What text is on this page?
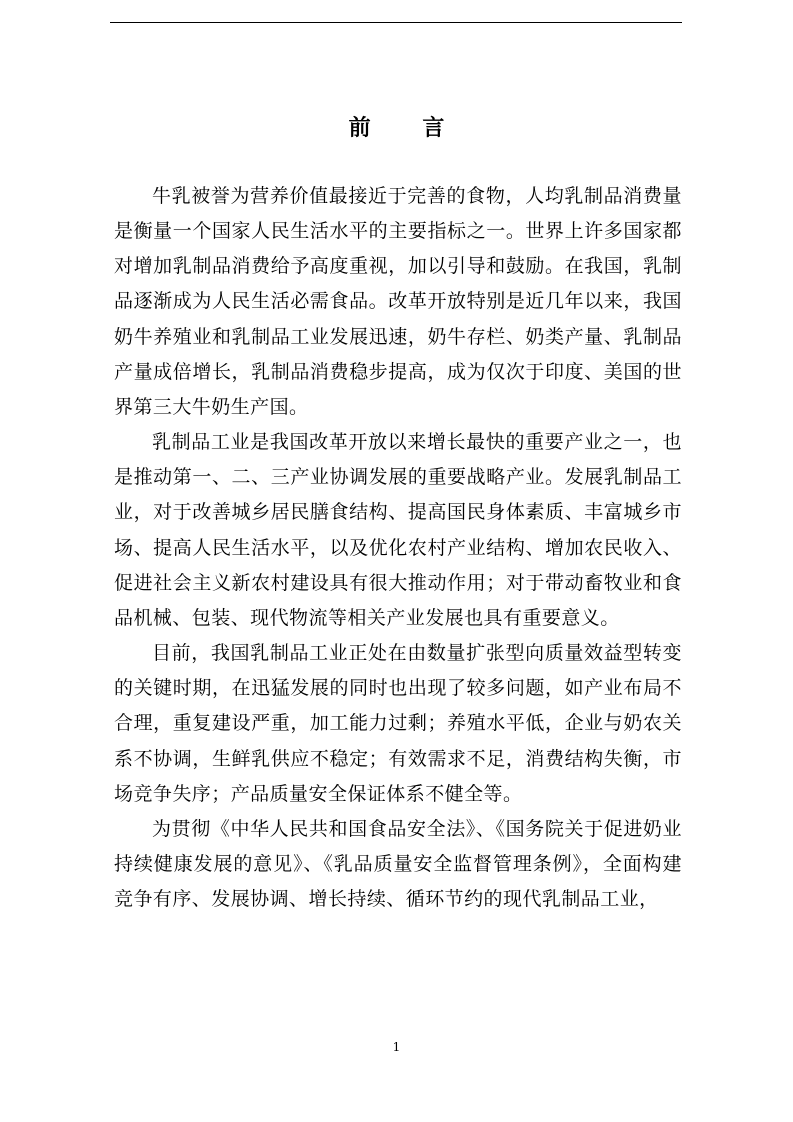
前 言

牛乳被誉为营养价值最接近于完善的食物，人均乳制品消费量是衡量一个国家人民生活水平的主要指标之一。世界上许多国家都对增加乳制品消费给予高度重视，加以引导和鼓励。在我国，乳制品逐渐成为人民生活必需食品。改革开放特别是近几年以来，我国奶牛养殖业和乳制品工业发展迅速，奶牛存栏、奶类产量、乳制品产量成倍增长，乳制品消费稳步提高，成为仅次于印度、美国的世界第三大牛奶生产国。

乳制品工业是我国改革开放以来增长最快的重要产业之一，也是推动第一、二、三产业协调发展的重要战略产业。发展乳制品工业，对于改善城乡居民膳食结构、提高国民身体素质、丰富城乡市场、提高人民生活水平，以及优化农村产业结构、增加农民收入、促进社会主义新农村建设具有很大推动作用；对于带动畜牧业和食品机械、包装、现代物流等相关产业发展也具有重要意义。

目前，我国乳制品工业正处在由数量扩张型向质量效益型转变的关键时期，在迅猛发展的同时也出现了较多问题，如产业布局不合理，重复建设严重，加工能力过剩；养殖水平低，企业与奶农关系不协调，生鲜乳供应不稳定；有效需求不足，消费结构失衡，市场竞争失序；产品质量安全保证体系不健全等。

为贯彻《中华人民共和国食品安全法》、《国务院关于促进奶业持续健康发展的意见》、《乳品质量安全监督管理条例》，全面构建竞争有序、发展协调、增长持续、循环节约的现代乳制品工业，

1
